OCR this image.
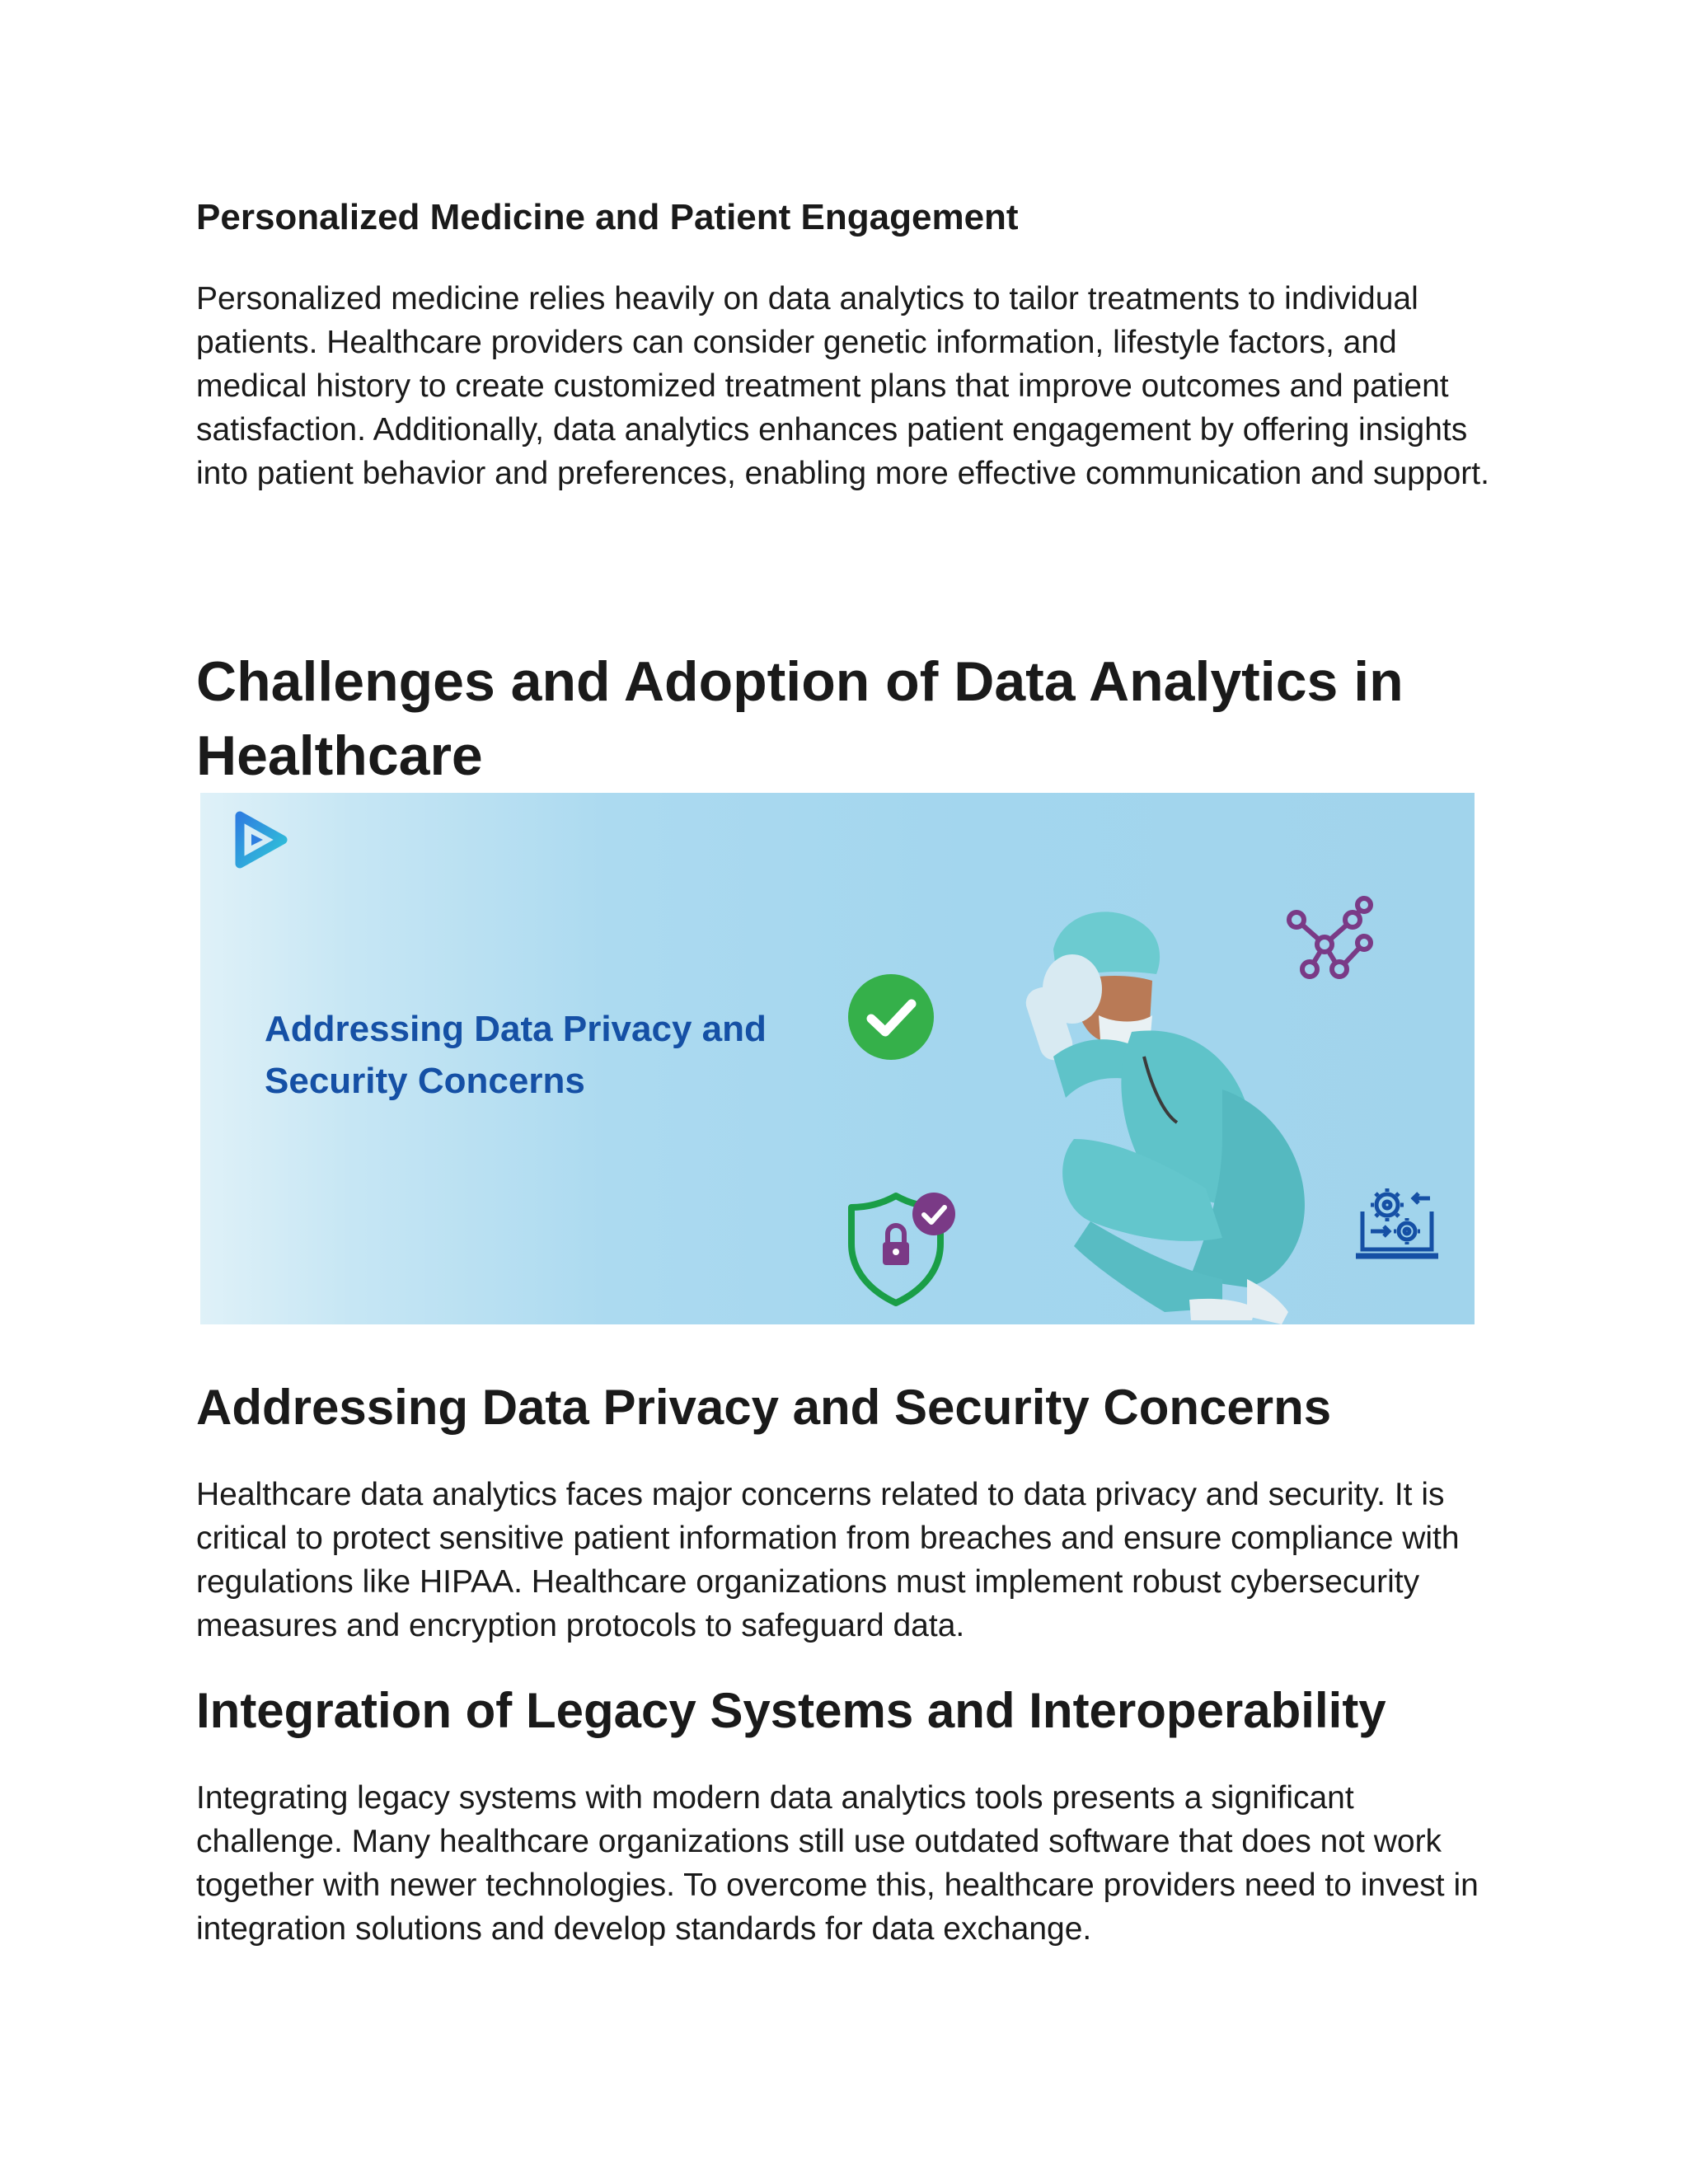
Personalized Medicine and Patient Engagement

Personalized medicine relies heavily on data analytics to tailor treatments to individual patients. Healthcare providers can consider genetic information, lifestyle factors, and medical history to create customized treatment plans that improve outcomes and patient satisfaction. Additionally, data analytics enhances patient engagement by offering insights into patient behavior and preferences, enabling more effective communication and support.

Challenges and Adoption of Data Analytics in Healthcare
Addressing Data Privacy and Security Concerns

Healthcare data analytics faces major concerns related to data privacy and security. It is critical to protect sensitive patient information from breaches and ensure compliance with regulations like HIPAA. Healthcare organizations must implement robust cybersecurity measures and encryption protocols to safeguard data.

Integration of Legacy Systems and Interoperability

Integrating legacy systems with modern data analytics tools presents a significant challenge. Many healthcare organizations still use outdated software that does not work together with newer technologies. To overcome this, healthcare providers need to invest in integration solutions and develop standards for data exchange.

Addressing Data Privacy and Security Concerns
